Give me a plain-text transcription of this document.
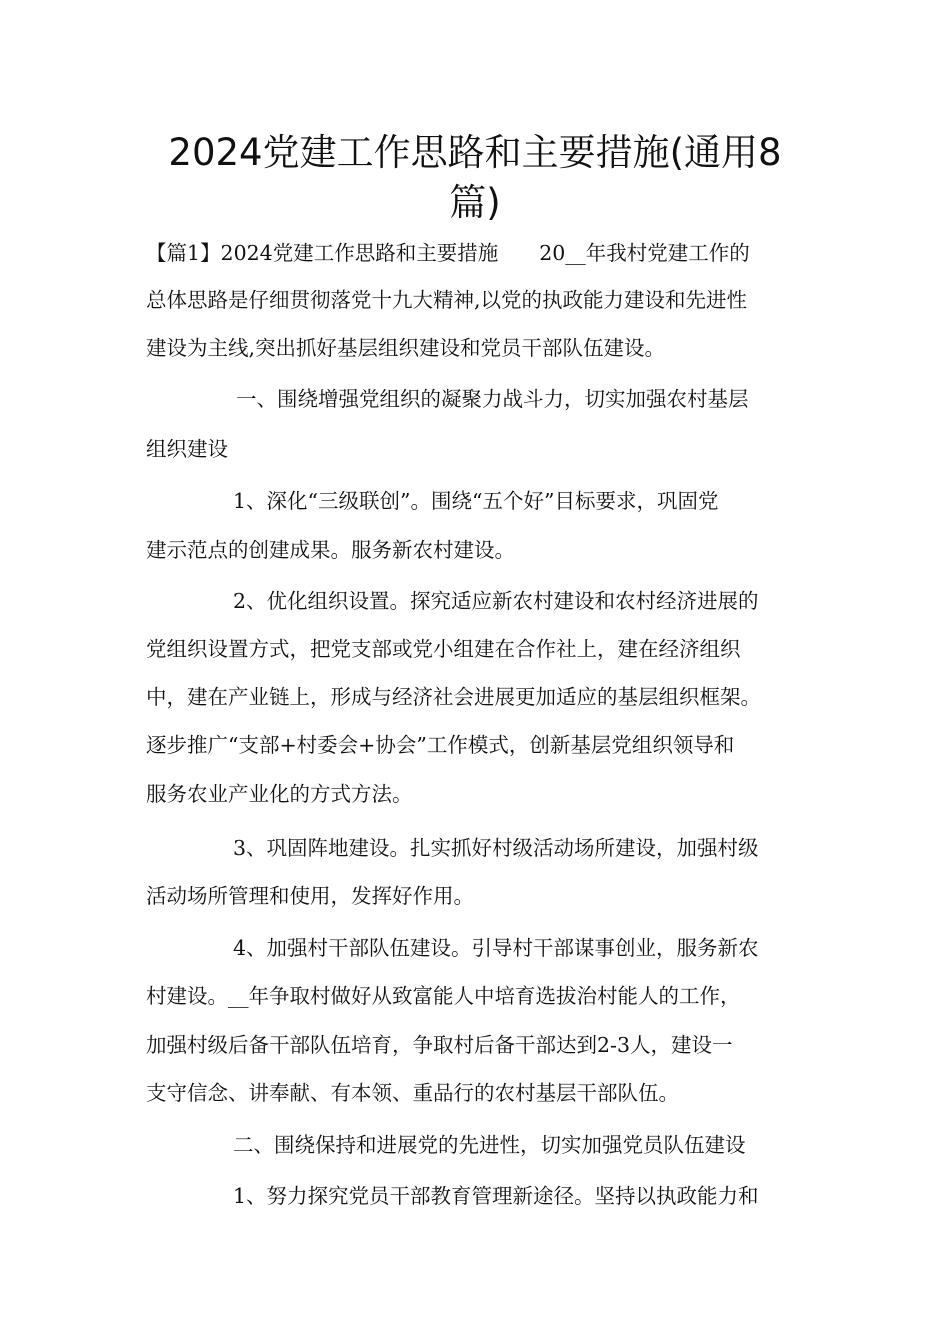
2024党建工作思路和主要措施(通用8
篇)
【篇1】2024党建工作思路和主要措施　　20__年我村党建工作的
总体思路是仔细贯彻落党十九大精神,以党的执政能力建设和先进性
建设为主线,突出抓好基层组织建设和党员干部队伍建设。
一、围绕增强党组织的凝聚力战斗力，切实加强农村基层
组织建设
1、深化“三级联创”。围绕“五个好”目标要求，巩固党
建示范点的创建成果。服务新农村建设。
2、优化组织设置。探究适应新农村建设和农村经济进展的
党组织设置方式，把党支部或党小组建在合作社上，建在经济组织
中，建在产业链上，形成与经济社会进展更加适应的基层组织框架。
逐步推广“支部+村委会+协会”工作模式，创新基层党组织领导和
服务农业产业化的方式方法。
3、巩固阵地建设。扎实抓好村级活动场所建设，加强村级
活动场所管理和使用，发挥好作用。
4、加强村干部队伍建设。引导村干部谋事创业，服务新农
村建设。__年争取村做好从致富能人中培育选拔治村能人的工作，
加强村级后备干部队伍培育，争取村后备干部达到2-3人，建设一
支守信念、讲奉献、有本领、重品行的农村基层干部队伍。
二、围绕保持和进展党的先进性，切实加强党员队伍建设
1、努力探究党员干部教育管理新途径。坚持以执政能力和
